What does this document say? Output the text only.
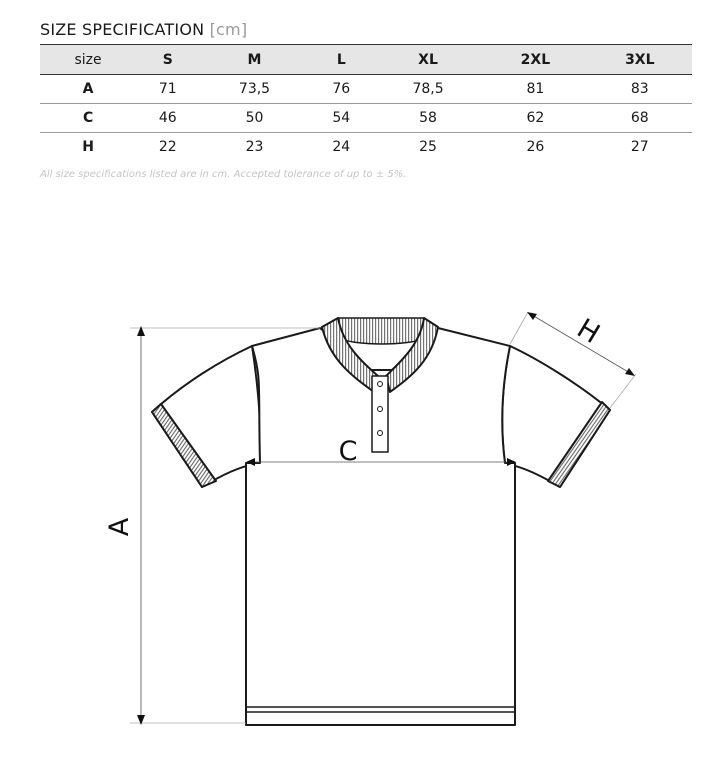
SIZE SPECIFICATION [cm]
size	S	M	L	XL	2XL	3XL
A	71	73,5	76	78,5	81	83
C	46	50	54	58	62	68
H	22	23	24	25	26	27
All size specifications listed are in cm. Accepted tolerance of up to ± 5%.
A
C
H
